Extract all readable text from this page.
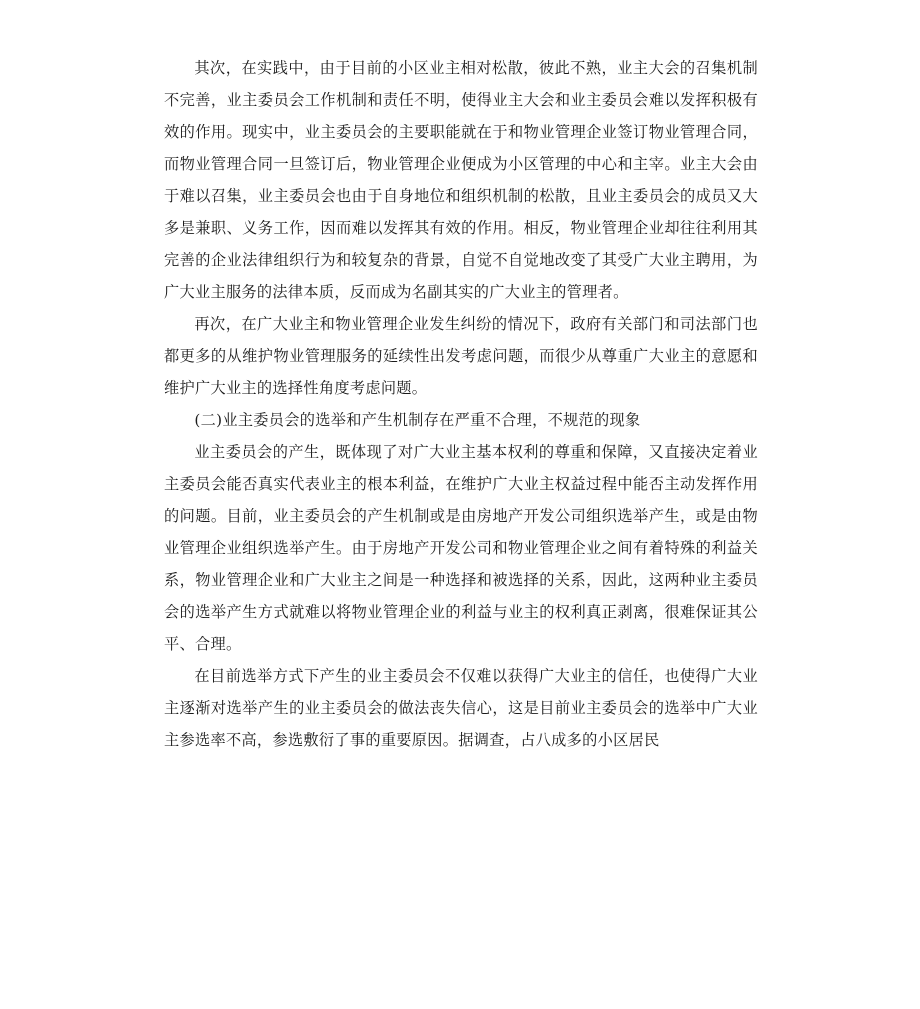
其次，在实践中，由于目前的小区业主相对松散，彼此不熟，业主大会的召集机制不完善，业主委员会工作机制和责任不明，使得业主大会和业主委员会难以发挥积极有效的作用。现实中，业主委员会的主要职能就在于和物业管理企业签订物业管理合同，而物业管理合同一旦签订后，物业管理企业便成为小区管理的中心和主宰。业主大会由于难以召集，业主委员会也由于自身地位和组织机制的松散，且业主委员会的成员又大多是兼职、义务工作，因而难以发挥其有效的作用。相反，物业管理企业却往往利用其完善的企业法律组织行为和较复杂的背景，自觉不自觉地改变了其受广大业主聘用，为广大业主服务的法律本质，反而成为名副其实的广大业主的管理者。

再次，在广大业主和物业管理企业发生纠纷的情况下，政府有关部门和司法部门也都更多的从维护物业管理服务的延续性出发考虑问题，而很少从尊重广大业主的意愿和维护广大业主的选择性角度考虑问题。

(二)业主委员会的选举和产生机制存在严重不合理，不规范的现象

业主委员会的产生，既体现了对广大业主基本权利的尊重和保障，又直接决定着业主委员会能否真实代表业主的根本利益，在维护广大业主权益过程中能否主动发挥作用的问题。目前，业主委员会的产生机制或是由房地产开发公司组织选举产生，或是由物业管理企业组织选举产生。由于房地产开发公司和物业管理企业之间有着特殊的利益关系，物业管理企业和广大业主之间是一种选择和被选择的关系，因此，这两种业主委员会的选举产生方式就难以将物业管理企业的利益与业主的权利真正剥离，很难保证其公平、合理。

在目前选举方式下产生的业主委员会不仅难以获得广大业主的信任，也使得广大业主逐渐对选举产生的业主委员会的做法丧失信心，这是目前业主委员会的选举中广大业主参选率不高，参选敷衍了事的重要原因。据调查，占八成多的小区居民
